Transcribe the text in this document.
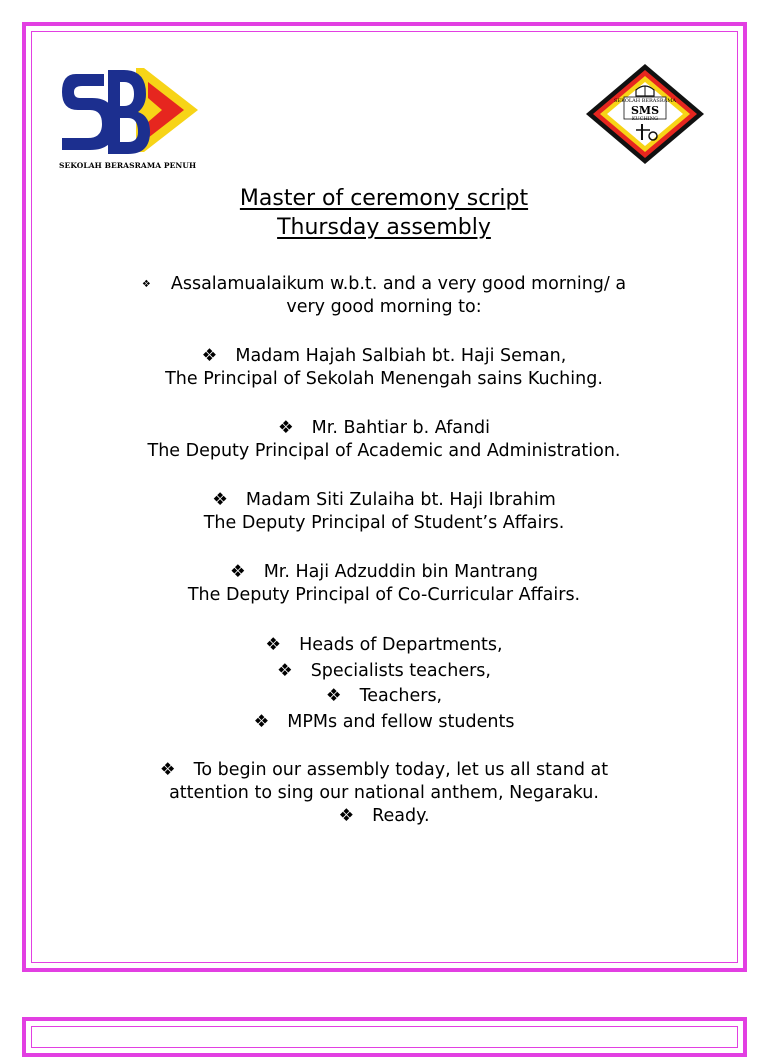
SEKOLAH BERASRAMA PENUH
SEKOLAH BERASRAMA
SMS
KUCHING
Master of ceremony script
Thursday assembly
❖ Assalamualaikum w.b.t. and a very good morning/ a
very good morning to:
❖ Madam Hajah Salbiah bt. Haji Seman,
The Principal of Sekolah Menengah sains Kuching.
❖ Mr. Bahtiar b. Afandi
The Deputy Principal of Academic and Administration.
❖ Madam Siti Zulaiha bt. Haji Ibrahim
The Deputy Principal of Student’s Affairs.
❖ Mr. Haji Adzuddin bin Mantrang
The Deputy Principal of Co-Curricular Affairs.
❖ Heads of Departments,
❖ Specialists teachers,
❖ Teachers,
❖ MPMs and fellow students
❖ To begin our assembly today, let us all stand at
attention to sing our national anthem, Negaraku.
❖ Ready.
